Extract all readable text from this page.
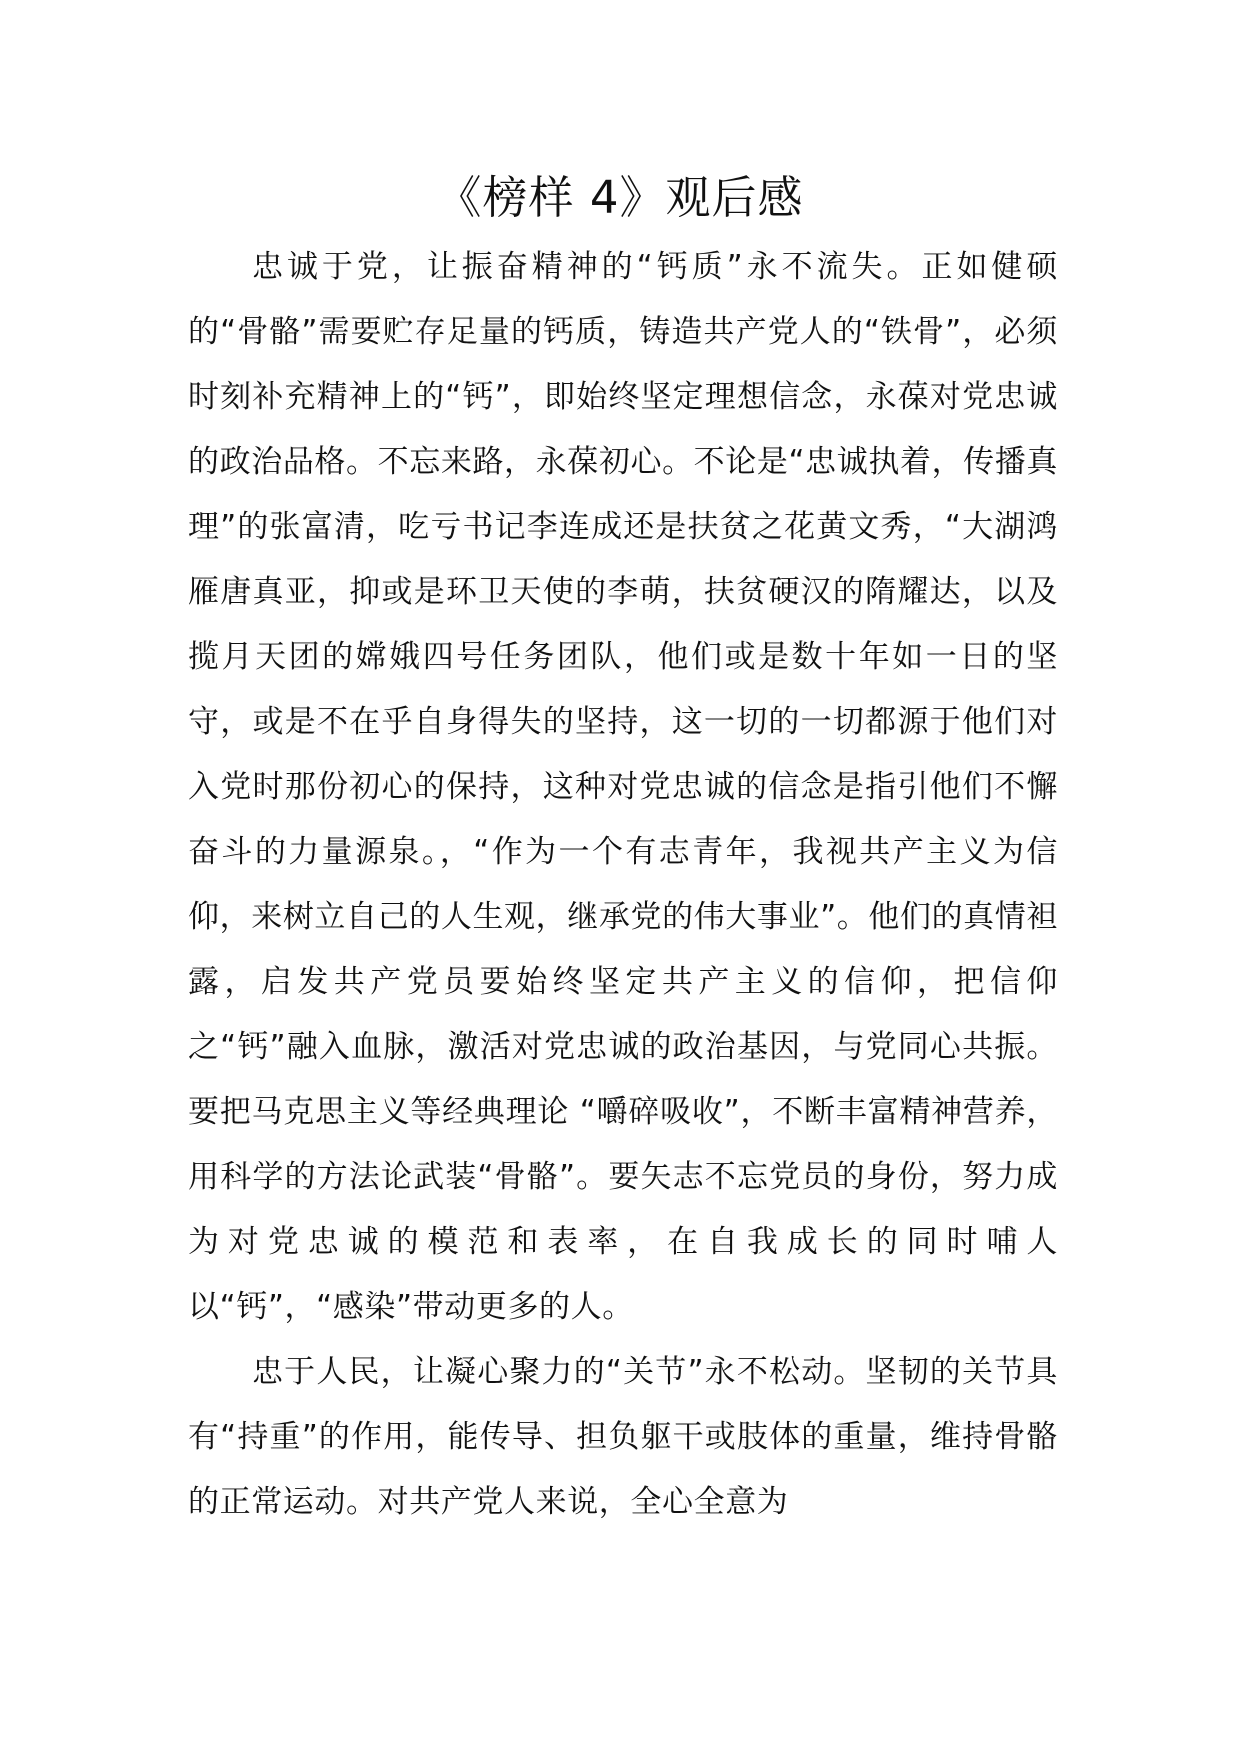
《榜样 4》观后感

忠诚于党，让振奋精神的“钙质”永不流失。正如健硕的“骨骼”需要贮存足量的钙质，铸造共产党人的“铁骨”，必须时刻补充精神上的“钙”，即始终坚定理想信念，永葆对党忠诚的政治品格。不忘来路，永葆初心。不论是“忠诚执着，传播真理”的张富清，吃亏书记李连成还是扶贫之花黄文秀，“大湖鸿雁唐真亚，抑或是环卫天使的李萌，扶贫硬汉的隋耀达，以及揽月天团的嫦娥四号任务团队，他们或是数十年如一日的坚守，或是不在乎自身得失的坚持，这一切的一切都源于他们对入党时那份初心的保持，这种对党忠诚的信念是指引他们不懈奋斗的力量源泉。，“作为一个有志青年，我视共产主义为信仰，来树立自己的人生观，继承党的伟大事业”。他们的真情袒露，启发共产党员要始终坚定共产主义的信仰，把信仰之“钙”融入血脉，激活对党忠诚的政治基因，与党同心共振。要把马克思主义等经典理论 “嚼碎吸收”，不断丰富精神营养，用科学的方法论武装“骨骼”。要矢志不忘党员的身份，努力成为对党忠诚的模范和表率，在自我成长的同时哺人以“钙”，“感染”带动更多的人。

忠于人民，让凝心聚力的“关节”永不松动。坚韧的关节具有“持重”的作用，能传导、担负躯干或肢体的重量，维持骨骼的正常运动。对共产党人来说，全心全意为
